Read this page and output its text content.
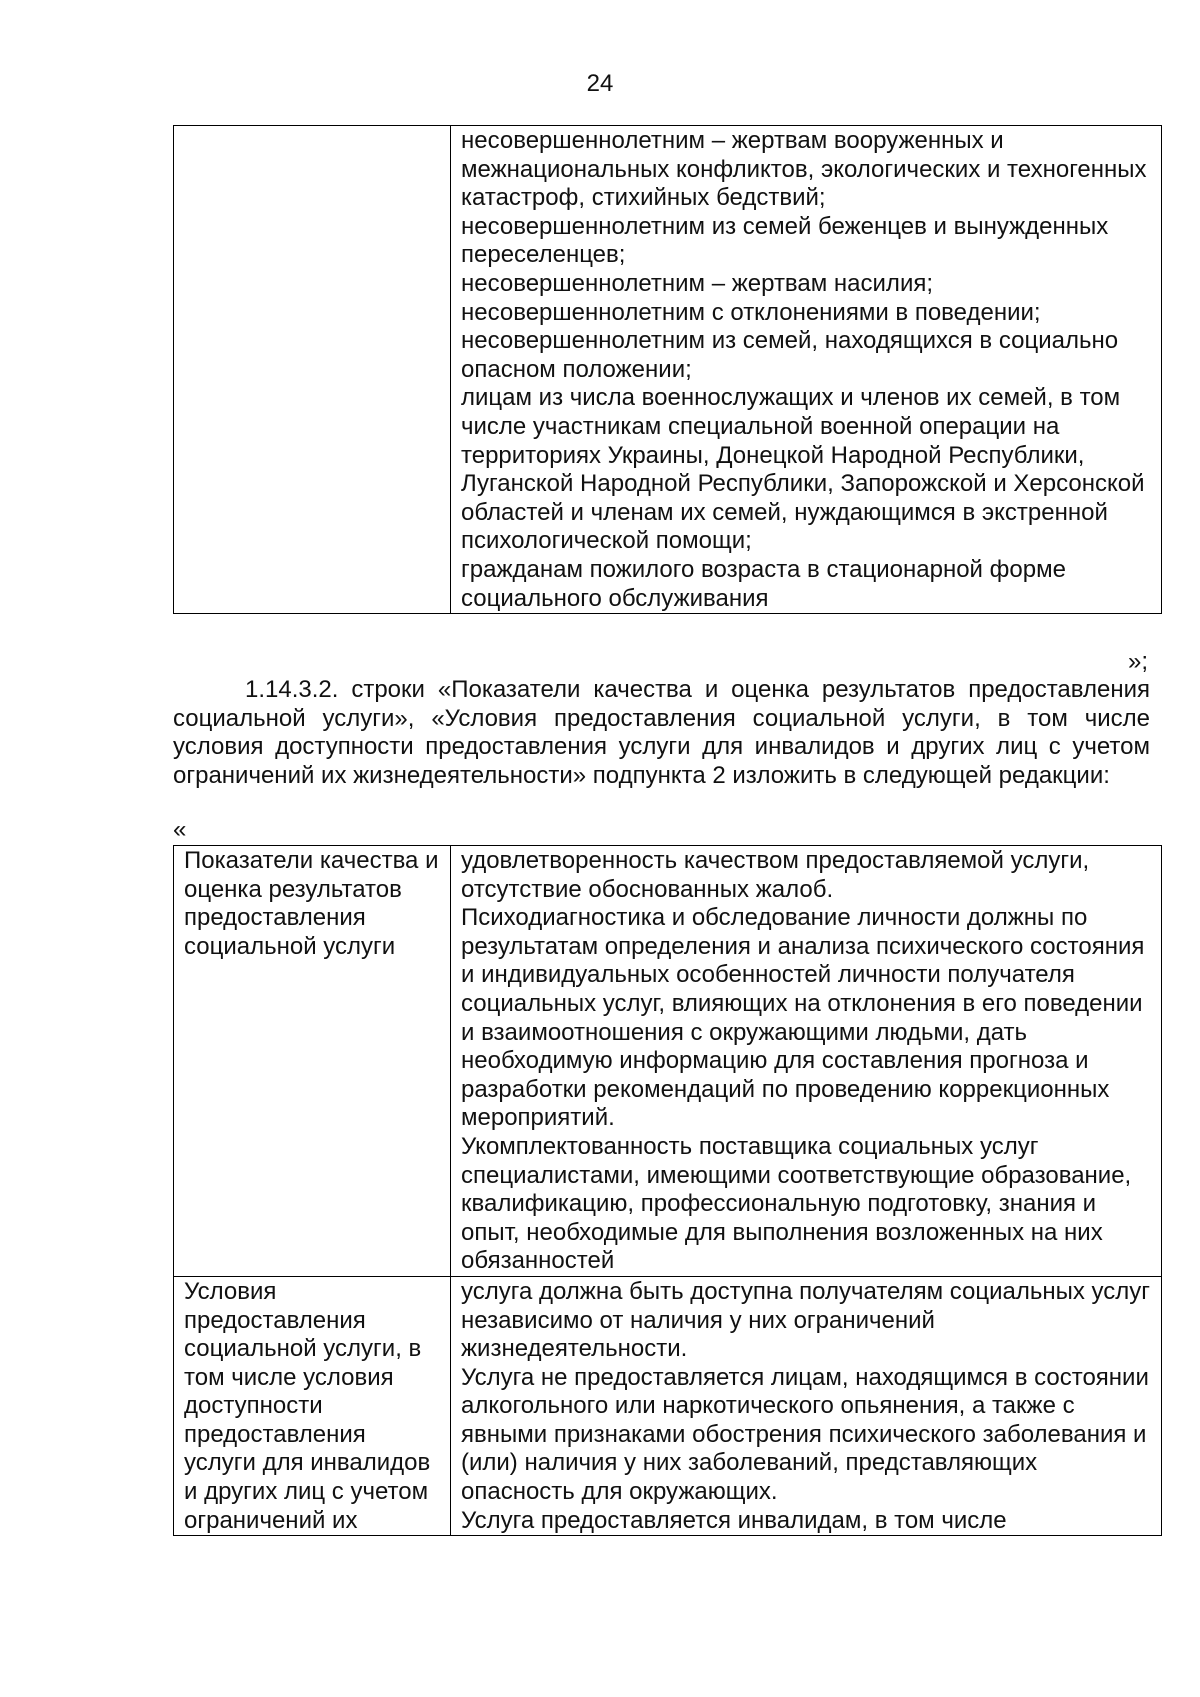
24

несовершеннолетним – жертвам вооруженных и межнациональных конфликтов, экологических и техногенных катастроф, стихийных бедствий;

несовершеннолетним из семей беженцев и вынужденных переселенцев;

несовершеннолетним – жертвам насилия;

несовершеннолетним с отклонениями в поведении;

несовершеннолетним из семей, находящихся в социально опасном положении;

лицам из числа военнослужащих и членов их семей, в том числе участникам специальной военной операции на территориях Украины, Донецкой Народной Республики, Луганской Народной Республики, Запорожской и Херсонской областей и членам их семей, нуждающимся в экстренной психологической помощи;

гражданам пожилого возраста в стационарной форме социального обслуживания

»;

1.14.3.2. строки «Показатели качества и оценка результатов предоставления социальной услуги», «Условия предоставления социальной услуги, в том числе условия доступности предоставления услуги для инвалидов и других лиц с учетом ограничений их жизнедеятельности» подпункта 2 изложить в следующей редакции:

«
Показатели качества и оценка результатов предоставления социальной услуги	удовлетворенность качеством предоставляемой услуги, отсутствие обоснованных жалоб.

Психодиагностика и обследование личности должны по результатам определения и анализа психического состояния и индивидуальных особенностей личности получателя социальных услуг, влияющих на отклонения в его поведении и взаимоотношения с окружающими людьми, дать необходимую информацию для составления прогноза и разработки рекомендаций по проведению коррекционных мероприятий.

Укомплектованность поставщика социальных услуг специалистами, имеющими соответствующие образование, квалификацию, профессиональную подготовку, знания и опыт, необходимые для выполнения возложенных на них обязанностей

Условия предоставления социальной услуги, в том числе условия доступности предоставления услуги для инвалидов и других лиц с учетом ограничений их	услуга должна быть доступна получателям социальных услуг независимо от наличия у них ограничений жизнедеятельности.

Услуга не предоставляется лицам, находящимся в состоянии алкогольного или наркотического опьянения, а также с явными признаками обострения психического заболевания и (или) наличия у них заболеваний, представляющих опасность для окружающих.

Услуга предоставляется инвалидам, в том числе
